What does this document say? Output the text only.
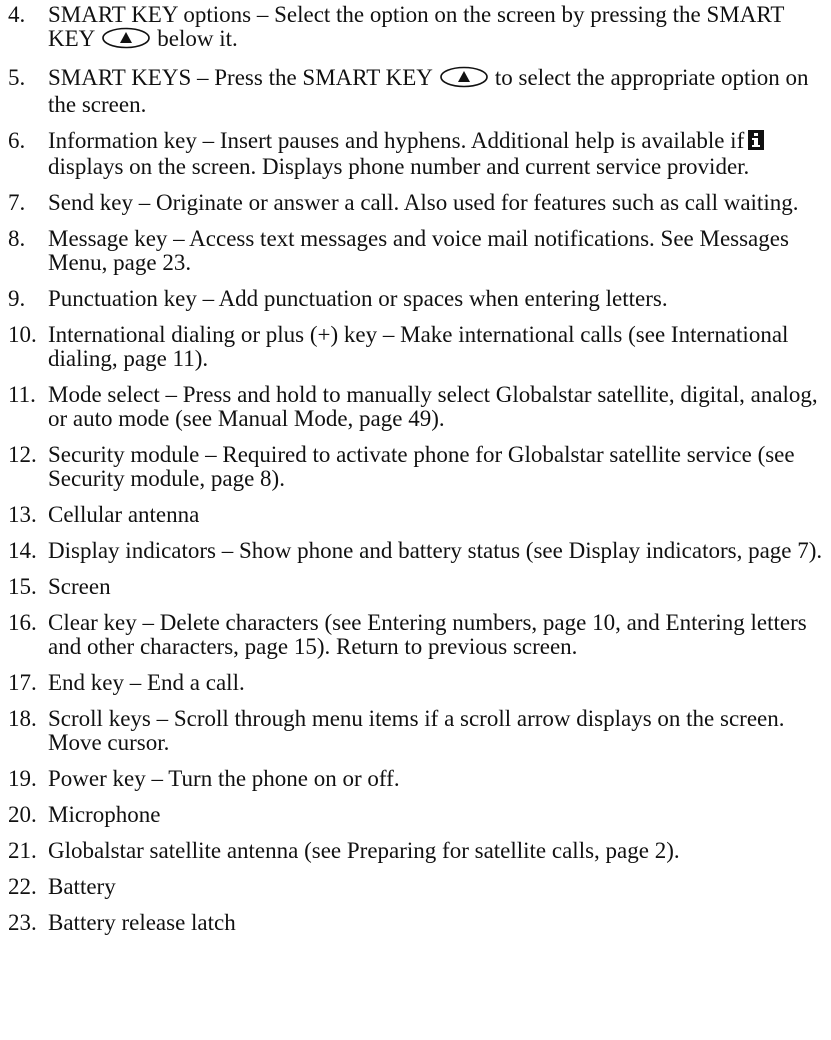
4. SMART KEY options – Select the option on the screen by pressing the SMART KEY	below it.
5. SMART KEYS – Press the SMART KEY	to select the appropriate option on the screen.
6. Information key – Insert pauses and hyphens. Additional help is available ifdisplays on the screen. Displays phone number and current service provider.
7. Send key – Originate or answer a call. Also used for features such as call waiting.
8. Message key – Access text messages and voice mail notifications. See Messages Menu, page 23.
9. Punctuation key – Add punctuation or spaces when entering letters.
10. International dialing or plus (+) key – Make international calls (see International dialing, page 11).
11. Mode select – Press and hold to manually select Globalstar satellite, digital, analog, or auto mode (see Manual Mode, page 49).
12. Security module – Required to activate phone for Globalstar satellite service (see Security module, page 8).
13. Cellular antenna
14. Display indicators – Show phone and battery status (see Display indicators, page 7).
15. Screen
16. Clear key – Delete characters (see Entering numbers, page 10, and Entering letters and other characters, page 15). Return to previous screen.
17. End key – End a call.
18. Scroll keys – Scroll through menu items if a scroll arrow displays on the screen. Move cursor.
19. Power key – Turn the phone on or off.
20. Microphone
21. Globalstar satellite antenna (see Preparing for satellite calls, page 2).
22. Battery
23. Battery release latch
